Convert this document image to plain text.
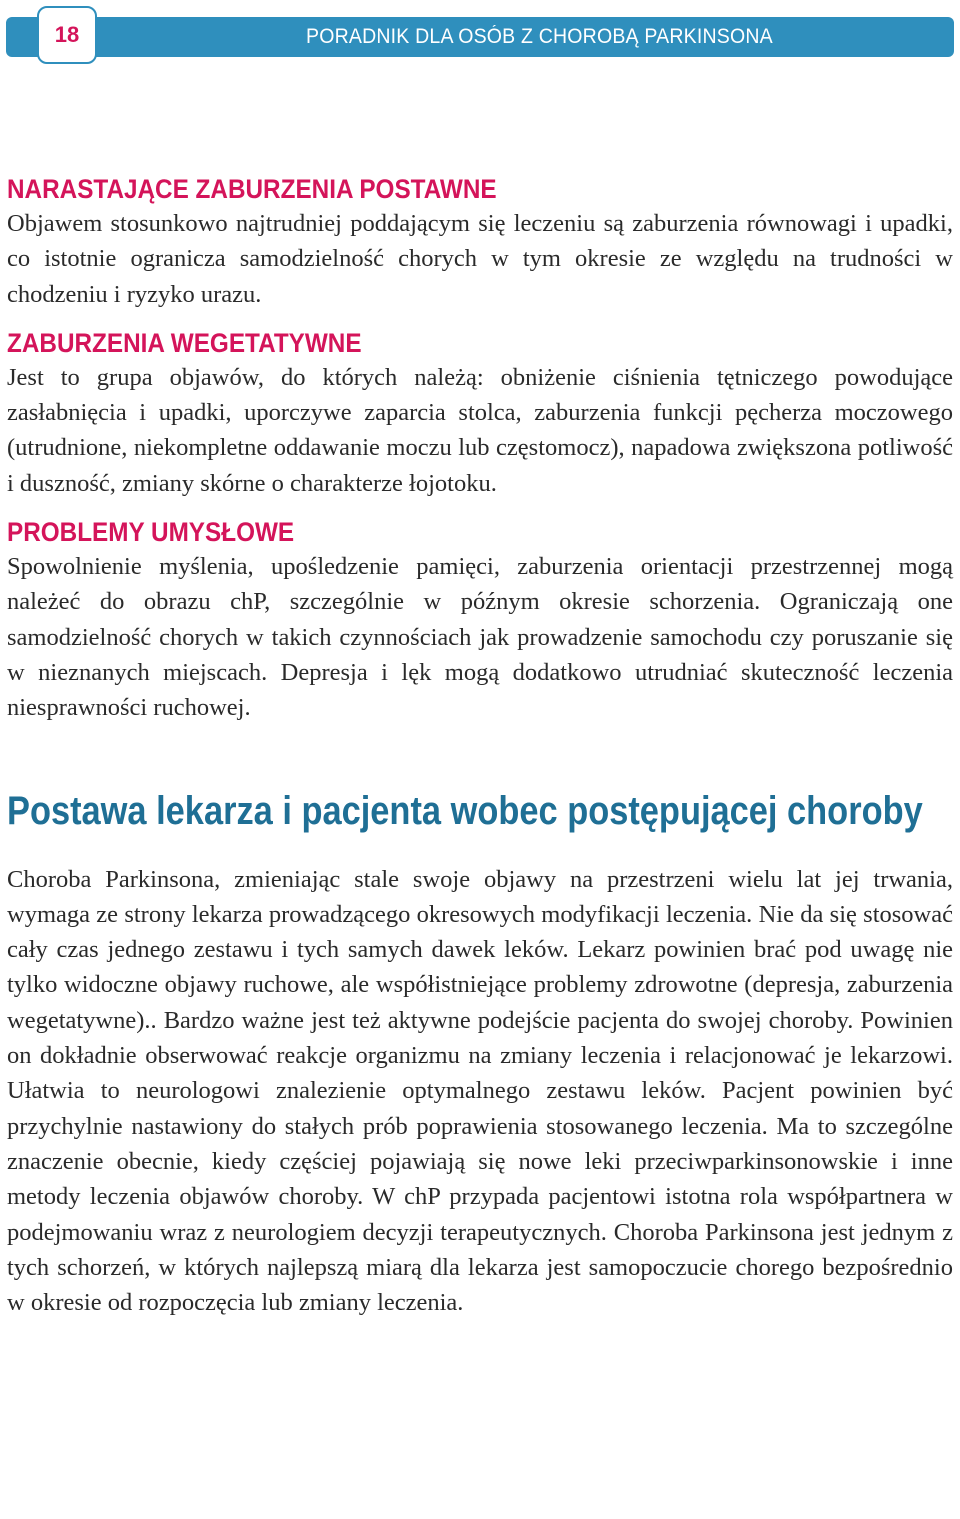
PORADNIK DLA OSÓB Z CHOROBĄ PARKINSONA
18
NARASTAJĄCE ZABURZENIA POSTAWNE

Objawem stosunkowo najtrudniej poddającym się leczeniu są zaburzenia równowagi i upadki, co istotnie ogranicza samodzielność chorych w tym okresie ze względu na trudności w chodzeniu i ryzyko urazu.

ZABURZENIA WEGETATYWNE

Jest to grupa objawów, do których należą: obniżenie ciśnienia tętniczego powodujące zasłabnięcia i upadki, uporczywe zaparcia stolca, zaburzenia funkcji pęcherza moczowego (utrudnione, niekompletne oddawanie moczu lub częstomocz), napadowa zwiększona potliwość i duszność, zmiany skórne o charakterze łojotoku.

PROBLEMY UMYSŁOWE

Spowolnienie myślenia, upośledzenie pamięci, zaburzenia orientacji przestrzennej mogą należeć do obrazu chP, szczególnie w późnym okresie schorzenia. Ograniczają one samodzielność chorych w takich czynnościach jak prowadzenie samochodu czy poruszanie się w nieznanych miejscach. Depresja i lęk mogą dodatkowo utrudniać skuteczność leczenia niesprawności ruchowej.

Postawa lekarza i pacjenta wobec postępującej choroby

Choroba Parkinsona, zmieniając stale swoje objawy na przestrzeni wielu lat jej trwania, wymaga ze strony lekarza prowadzącego okresowych modyfikacji leczenia. Nie da się stosować cały czas jednego zestawu i tych samych dawek leków. Lekarz powinien brać pod uwagę nie tylko widoczne objawy ruchowe, ale współistniejące problemy zdrowotne (depresja, zaburzenia wegetatywne).. Bardzo ważne jest też aktywne podejście pacjenta do swojej choroby. Powinien on dokładnie obserwować reakcje organizmu na zmiany leczenia i relacjonować je lekarzowi. Ułatwia to neurologowi znalezienie optymalnego zestawu leków. Pacjent powinien być przychylnie nastawiony do stałych prób poprawienia stosowanego leczenia. Ma to szczególne znaczenie obecnie, kiedy częściej pojawiają się nowe leki przeciwparkinsonowskie i inne metody leczenia objawów choroby. W chP przypada pacjentowi istotna rola współpartnera w podejmowaniu wraz z neurologiem decyzji terapeutycznych. Choroba Parkinsona jest jednym z tych schorzeń, w których najlepszą miarą dla lekarza jest samopoczucie chorego bezpośrednio w okresie od rozpoczęcia lub zmiany leczenia.
